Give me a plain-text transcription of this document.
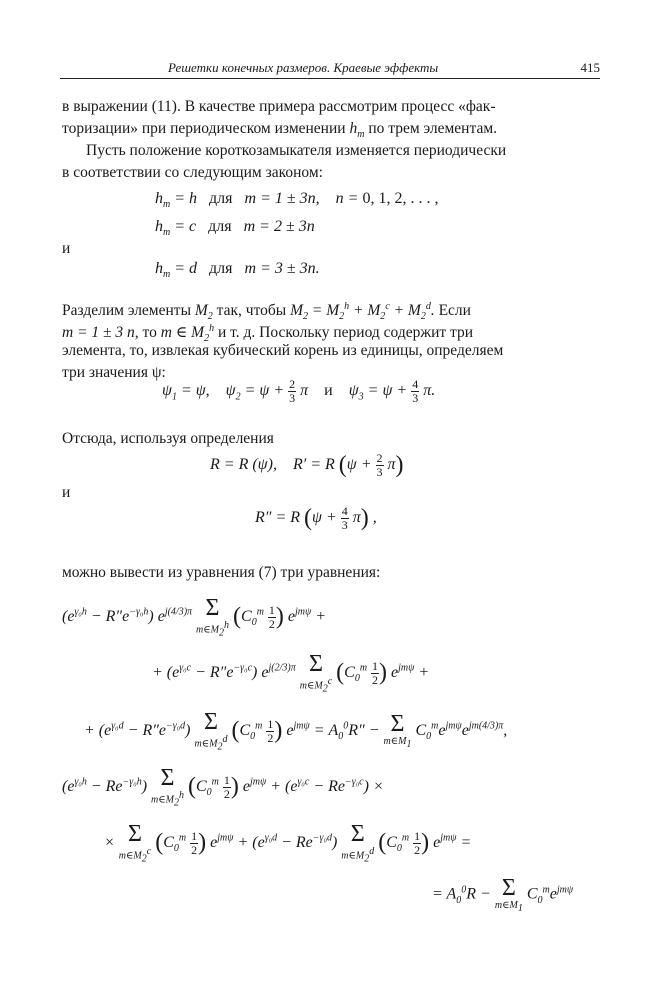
Решетки конечных размеров. Краевые эффекты	415
в выражении (11). В качестве примера рассмотрим процесс «фак-
торизации» при периодическом изменении $h_m$ по трем элементам.
Пусть положение короткозамыкателя изменяется периодически
в соответствии со следующим законом:
$h_m = h$   для   m = 1 ± 3n,    n = 0, 1, 2, . . . ,
$h_m = c$   для   m = 2 ± 3n
и
$h_m = d$   для   m = 3 ± 3n.
Разделим элементы $M_2$ так, чтобы $M_2 = M_2^h + M_2^c + M_2^d$. Если
m = 1 ± 3 n, то m ∈ $M_2^h$ и т. д. Поскольку период содержит три
элемента, то, извлекая кубический корень из единицы, определяем
три значения ψ:
$\psi_1 = \psi$,    $\psi_2 = \psi + \frac{2}{3}$ π    и    $\psi_3 = \psi + \frac{4}{3} \pi$.
Отсюда, используя определения
R = R (ψ),    R′ = R $(\psi + \frac{2}{3} \pi)$
и
R″ = R $(\psi + \frac{4}{3} \pi)$ ,
можно вывести из уравнения (7) три уравнения:
$(e^{\gamma_0h} - R''e^{-\gamma_0h})$ $e^{j(4/3)\pi}$ Σ
$m\in M_2^h$ ($C_0^m \frac{1}{2}$ ) $e^{jm\psi}$ +
+ $(e^{\gamma_0c} - R''e^{-\gamma_0c})$ $e^{j(2/3)\pi}$ Σ
$m\in M_2^c$ ($C_0^m \frac{1}{2}$ ) $e^{jm\psi}$ +
+ $(e^{\gamma_0d} - R''e^{-\gamma_0d})$ Σ
$m\in M_2^d$ ($C_0^m \frac{1}{2}$ ) $e^{jm\psi} = A_0^0R'' - \Sigma$
$m\in M_1$
$C_0^me^{jm\psi}e^{jm(4/3)\pi}$,
$(e^{\gamma_0h} - Re^{-\gamma_0h})$ Σ
$m\in M_2^h$ ($C_0^m \frac{1}{2}$ ) $e^{jm\psi} + (e^{\gamma_0c} - Re^{-\gamma_0c})$ ×
× Σ
$m\in M_2^c$ ($C_0^m \frac{1}{2}$ ) $e^{jm\psi} + (e^{\gamma_0d} - Re^{-\gamma_0d})$ Σ
$m\in M_2^d$ ($C_0^m \frac{1}{2}$ ) $e^{jm\psi}$ =
= $A_0^0R - \Sigma$
$m\in M_1$
$C_0^me^{jm\psi}$
